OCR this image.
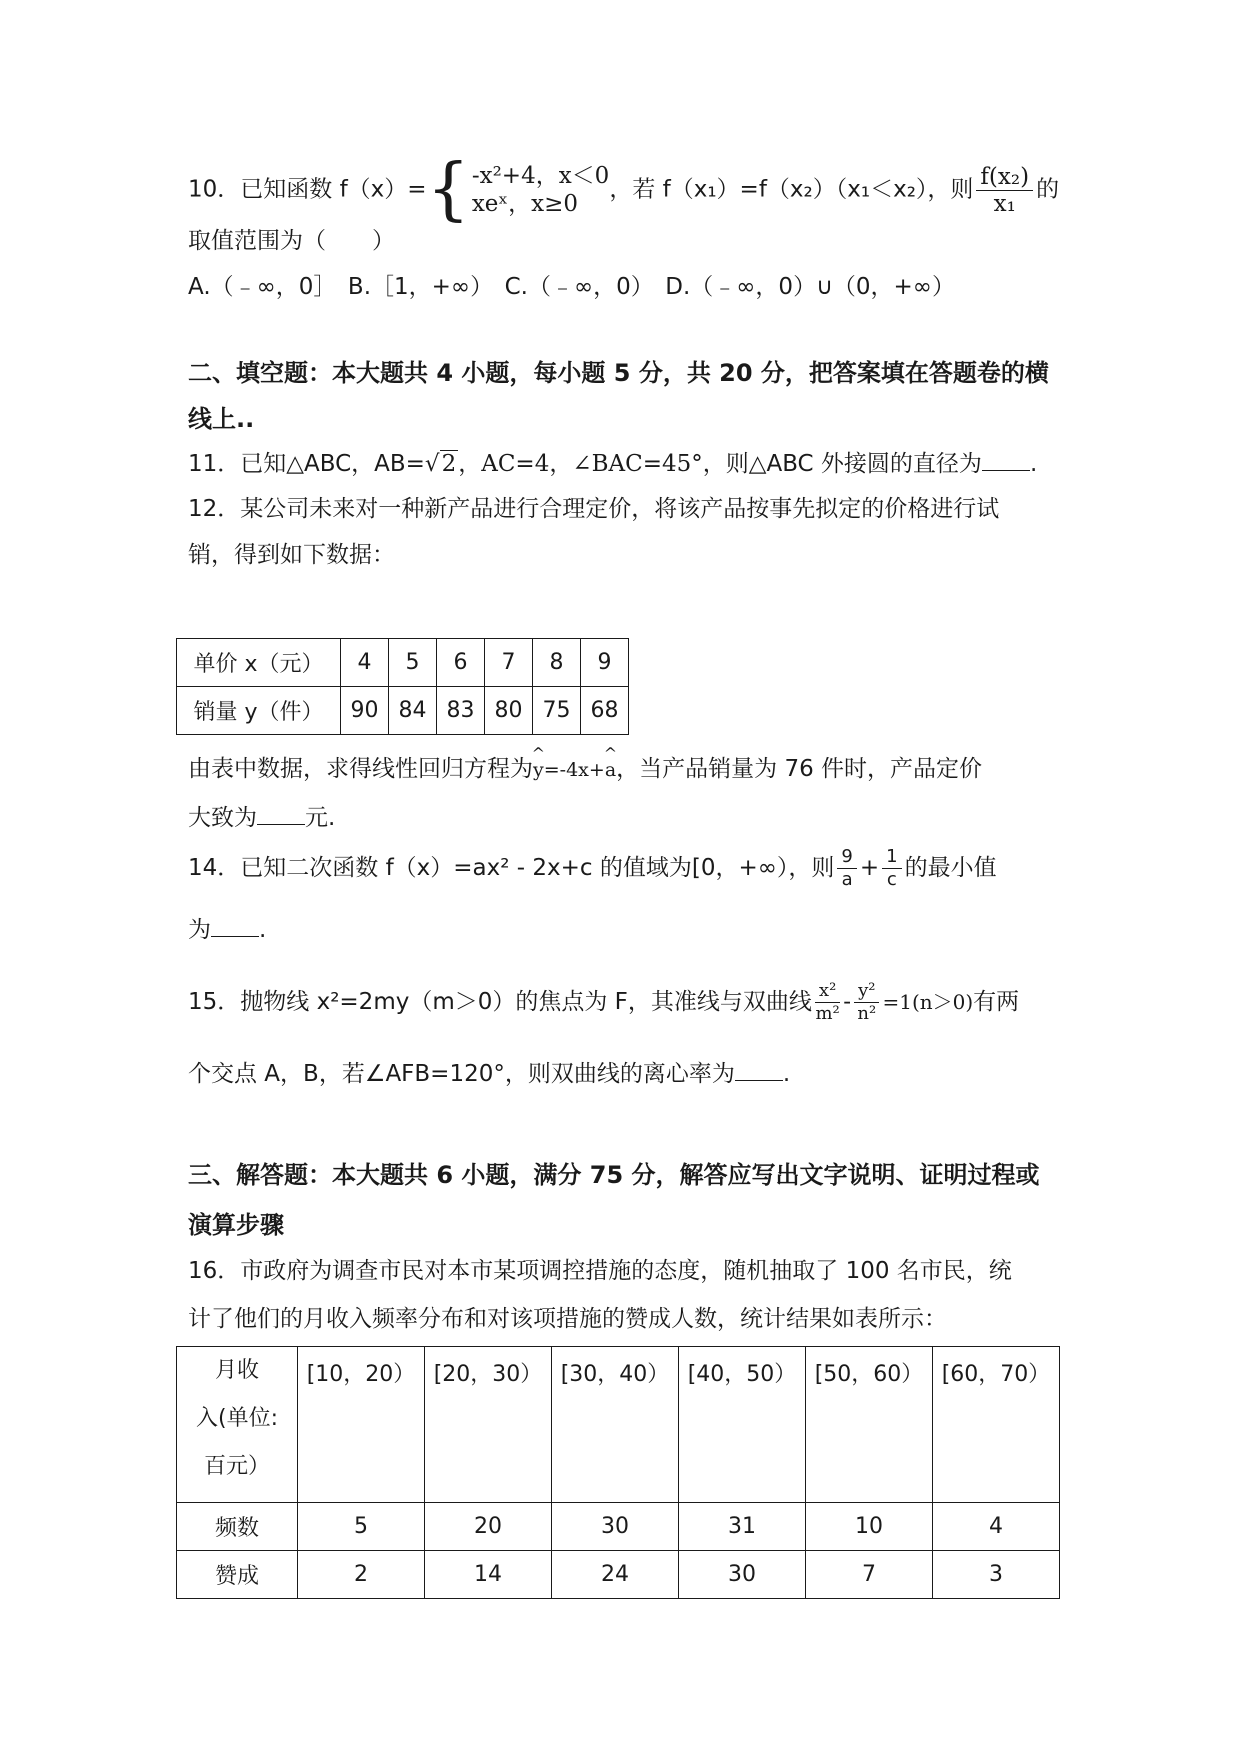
10．已知函数 f（x）={ -x²+4，x＜0
xeˣ，x≥0
，若 f（x₁）=f（x₂）（x₁＜x₂），则 $\frac{\text{f(x₂)}}{\text{x₁}}$ 的
取值范围为（　　）
A.（﹣∞，0］　B.［1，+∞）　C.（﹣∞，0）　D.（﹣∞，0）∪（0，+∞）
二、填空题：本大题共 4 小题，每小题 5 分，共 20 分，把答案填在答题卷的横
线上..
11．已知△ABC，AB=√2，AC=4，∠BAC=45°，则△ABC 外接圆的直径为 .
12．某公司未来对一种新产品进行合理定价，将该产品按事先拟定的价格进行试
销，得到如下数据：
单价 x（元）	4	5	6	7	8	9
销量 y（件）	90	84	83	80	75	68
由表中数据，求得线性回归方程为^ y=-4x+^ a，当产品销量为 76 件时，产品定价
大致为 元.
14．已知二次函数 f（x）=ax² - 2x+c 的值域为[0，+∞），则 $\frac{9}{a} + \frac{1}{c}$ 的最小值
为 .
15．抛物线 x²=2my（m＞0）的焦点为 F，其准线与双曲线 $\frac{\text{x²}}{\text{m²}} - \frac{\text{y²}}{\text{n²}} =1(n>0)$有两
个交点 A，B，若∠AFB=120°，则双曲线的离心率为 .
三、解答题：本大题共 6 小题，满分 75 分，解答应写出文字说明、证明过程或
演算步骤
16．市政府为调查市民对本市某项调控措施的态度，随机抽取了 100 名市民，统
计了他们的月收入频率分布和对该项措施的赞成人数，统计结果如表所示：
月收
入(单位:
百元）	[10，20）	[20，30）	[30，40）	[40，50）	[50，60）	[60，70）
频数	5	20	30	31	10	4
赞成	2	14	24	30	7	3
